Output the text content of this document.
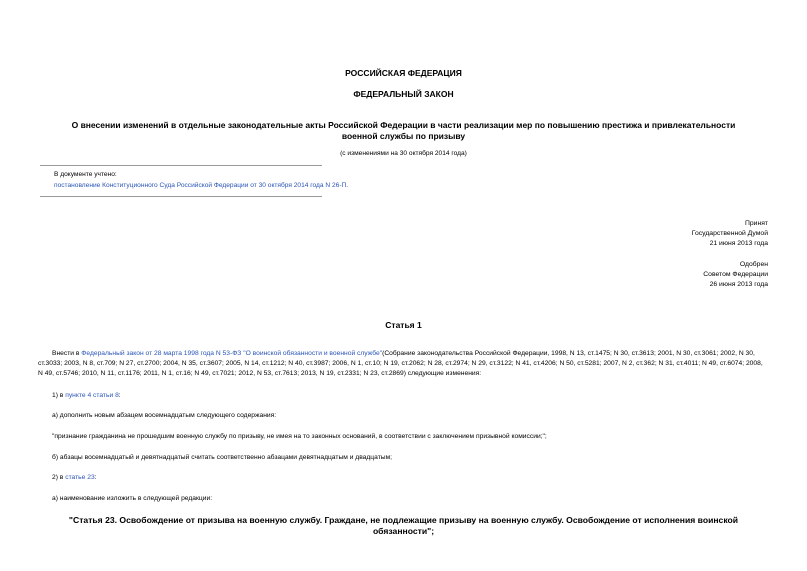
РОССИЙСКАЯ ФЕДЕРАЦИЯ
ФЕДЕРАЛЬНЫЙ ЗАКОН
О внесении изменений в отдельные законодательные акты Российской Федерации в части реализации мер по повышению престижа и привлекательности
военной службы по призыву
(с изменениями на 30 октября 2014 года)
В документе учтено:
постановление Конституционного Суда Российской Федерации от 30 октября 2014 года N 26-П.
Принят
Государственной Думой
21 июня 2013 года
Одобрен
Советом Федерации
26 июня 2013 года
Статья 1
Внести в Федеральный закон от 28 марта 1998 года N 53-ФЗ "О воинской обязанности и военной службе"(Собрание законодательства Российской Федерации, 1998, N 13, ст.1475; N 30, ст.3613; 2001, N 30, ст.3061; 2002, N 30, ст.3033; 2003, N 8, ст.709; N 27, ст.2700; 2004, N 35, ст.3607; 2005, N 14, ст.1212; N 40, ст.3987; 2006, N 1, ст.10; N 19, ст.2062; N 28, ст.2974; N 29, ст.3122; N 41, ст.4206; N 50, ст.5281; 2007, N 2, ст.362; N 31, ст.4011; N 49, ст.6074; 2008, N 49, ст.5746; 2010, N 11, ст.1176; 2011, N 1, ст.16; N 49, ст.7021; 2012, N 53, ст.7613; 2013, N 19, ст.2331; N 23, ст.2869) следующие изменения:
1) в пункте 4 статьи 8:
а) дополнить новым абзацем восемнадцатым следующего содержания:
"признание гражданина не прошедшим военную службу по призыву, не имея на то законных оснований, в соответствии с заключением призывной комиссии;";
б) абзацы восемнадцатый и девятнадцатый считать соответственно абзацами девятнадцатым и двадцатым;
2) в статье 23:
а) наименование изложить в следующей редакции:
"Статья 23. Освобождение от призыва на военную службу. Граждане, не подлежащие призыву на военную службу. Освобождение от исполнения воинской
обязанности";
